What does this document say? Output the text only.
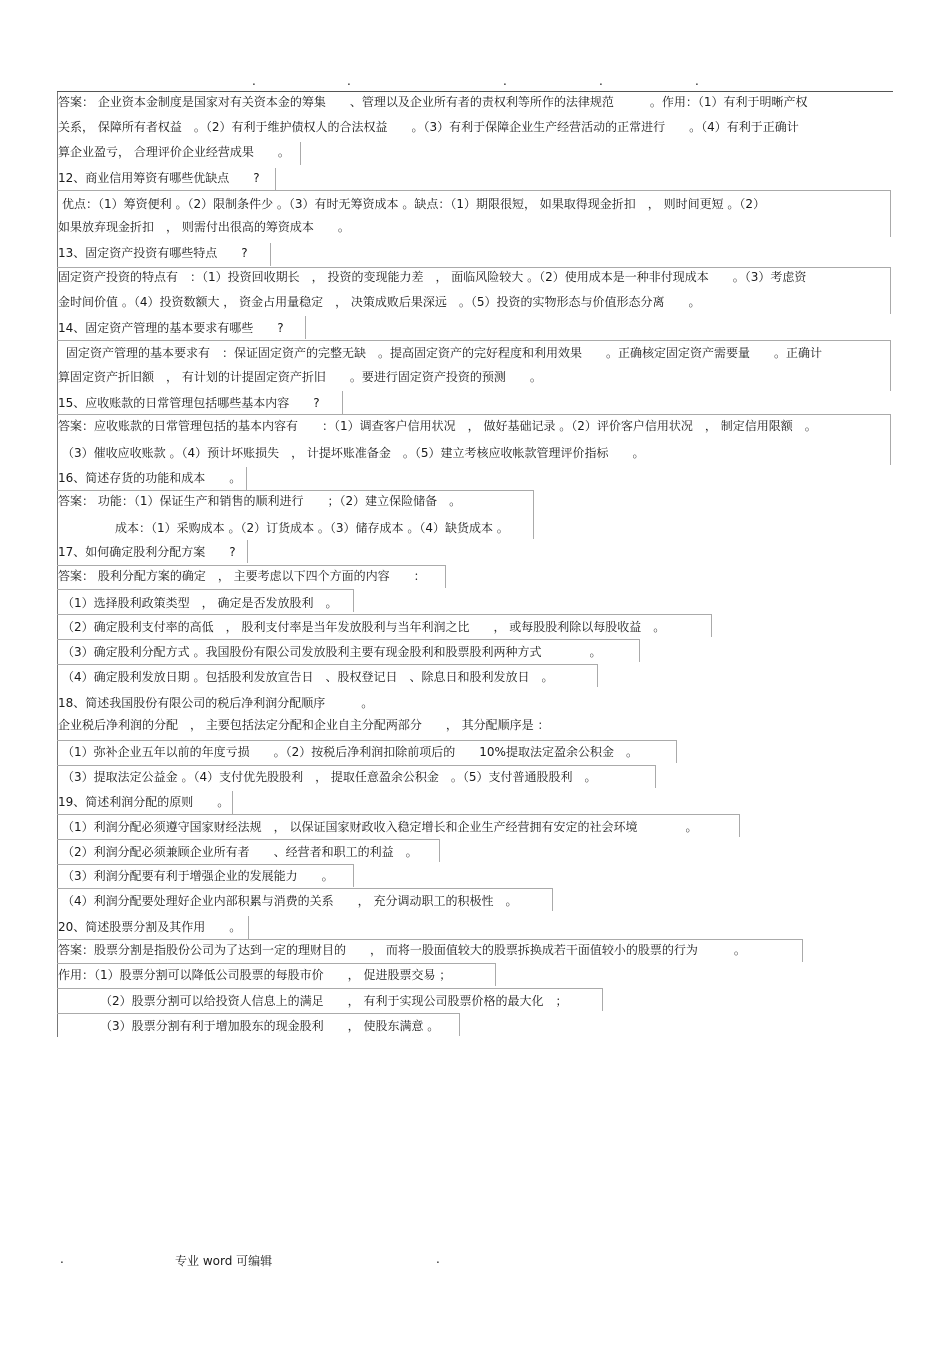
.	.	.	.	.
答案： 企业资本金制度是国家对有关资本金的筹集　　、管理以及企业所有者的责权利等所作的法律规范　　　。作用：（1）有利于明晰产权
关系， 保障所有者权益　。（2）有利于维护债权人的合法权益　　。（3）有利于保障企业生产经营活动的正常进行　　。（4）有利于正确计
算企业盈亏， 合理评价企业经营成果　　。
12、商业信用筹资有哪些优缺点　　?
优点：（1）筹资便利 。（2）限制条件少 。（3）有时无筹资成本 。缺点：（1）期限很短， 如果取得现金折扣　， 则时间更短 。（2）
如果放弃现金折扣　， 则需付出很高的筹资成本　　。
13、固定资产投资有哪些特点　　?
固定资产投资的特点有　：（1）投资回收期长　， 投资的变现能力差　， 面临风险较大 。（2）使用成本是一种非付现成本　　。（3）考虑资
金时间价值 。（4）投资数额大 ， 资金占用量稳定　， 决策成败后果深远　。（5）投资的实物形态与价值形态分离　　。
14、固定资产管理的基本要求有哪些　　?
固定资产管理的基本要求有　：保证固定资产的完整无缺　。提高固定资产的完好程度和利用效果　　。正确核定固定资产需要量　　。正确计
算固定资产折旧额　， 有计划的计提固定资产折旧　　。要进行固定资产投资的预测　　。
15、应收账款的日常管理包括哪些基本内容　　?
答案：应收账款的日常管理包括的基本内容有　　：（1）调查客户信用状况　， 做好基础记录 。（2）评价客户信用状况　， 制定信用限额　。
（3）催收应收账款 。（4）预计坏账损失　， 计提坏账准备金　。（5）建立考核应收帐款管理评价指标　　。
16、简述存货的功能和成本　　。
答案： 功能：（1）保证生产和销售的顺利进行　　；（2）建立保险储备　。
成本：（1）采购成本 。（2）订货成本 。（3）储存成本 。（4）缺货成本 。
17、如何确定股利分配方案　　?
答案： 股利分配方案的确定　， 主要考虑以下四个方面的内容　　：
（1）选择股利政策类型　， 确定是否发放股利　。
（2）确定股利支付率的高低　， 股利支付率是当年发放股利与当年利润之比　　， 或每股股利除以每股收益　。
（3）确定股利分配方式 。我国股份有限公司发放股利主要有现金股利和股票股利两种方式　　　　。
（4）确定股利发放日期 。包括股利发放宣告日　、股权登记日　、除息日和股利发放日　。
18、简述我国股份有限公司的税后净利润分配顺序　　　。
企业税后净利润的分配　， 主要包括法定分配和企业自主分配两部分　　， 其分配顺序是 ：
（1）弥补企业五年以前的年度亏损　　。（2）按税后净利润扣除前项后的　　10%提取法定盈余公积金　。
（3）提取法定公益金 。（4）支付优先股股利　， 提取任意盈余公积金　。（5）支付普通股股利　。
19、简述利润分配的原则　　。
（1）利润分配必须遵守国家财经法规　， 以保证国家财政收入稳定增长和企业生产经营拥有安定的社会环境　　　　。
（2）利润分配必须兼顾企业所有者　　、经营者和职工的利益　。
（3）利润分配要有利于增强企业的发展能力　　。
（4）利润分配要处理好企业内部积累与消费的关系　　， 充分调动职工的积极性　。
20、简述股票分割及其作用　　。
答案：股票分割是指股份公司为了达到一定的理财目的　　， 而将一股面值较大的股票拆换成若干面值较小的股票的行为　　　。
作用：（1）股票分割可以降低公司股票的每股市价　　， 促进股票交易 ；
（2）股票分割可以给投资人信息上的满足　　， 有利于实现公司股票价格的最大化　；
（3）股票分割有利于增加股东的现金股利　　， 使股东满意 。
.	专业 word 可编辑	.
